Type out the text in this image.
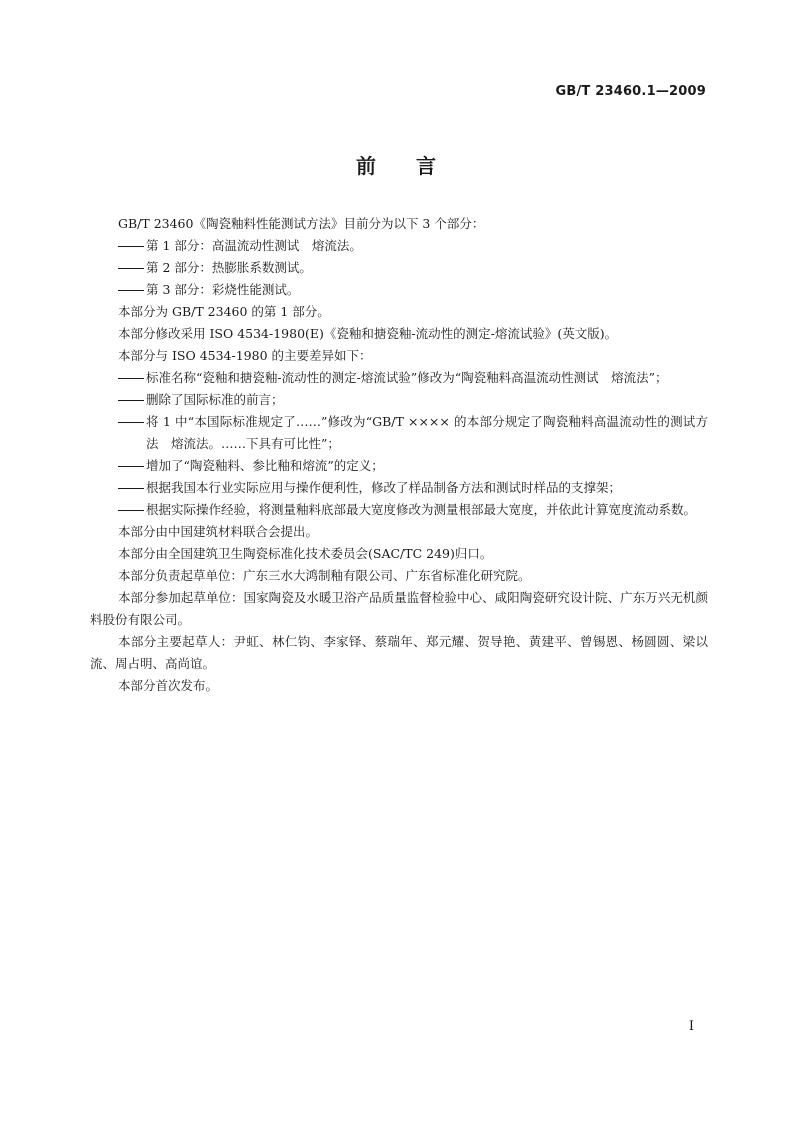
GB/T 23460.1—2009
前 言

GB/T 23460《陶瓷釉料性能测试方法》目前分为以下 3 个部分：

第 1 部分：高温流动性测试　熔流法。

第 2 部分：热膨胀系数测试。

第 3 部分：彩烧性能测试。

本部分为 GB/T 23460 的第 1 部分。

本部分修改采用 ISO 4534-1980(E)《瓷釉和搪瓷釉-流动性的测定-熔流试验》(英文版)。

本部分与 ISO 4534-1980 的主要差异如下：

标准名称“瓷釉和搪瓷釉-流动性的测定-熔流试验”修改为“陶瓷釉料高温流动性测试　熔流法”；

删除了国际标准的前言；

将 1 中“本国际标准规定了……”修改为“GB/T ×××× 的本部分规定了陶瓷釉料高温流动性的测试方法　熔流法。……下具有可比性”；

增加了“陶瓷釉料、参比釉和熔流”的定义；

根据我国本行业实际应用与操作便利性，修改了样品制备方法和测试时样品的支撑架；

根据实际操作经验，将测量釉料底部最大宽度修改为测量根部最大宽度，并依此计算宽度流动系数。

本部分由中国建筑材料联合会提出。

本部分由全国建筑卫生陶瓷标准化技术委员会(SAC/TC 249)归口。

本部分负责起草单位：广东三水大鸿制釉有限公司、广东省标准化研究院。

本部分参加起草单位：国家陶瓷及水暖卫浴产品质量监督检验中心、咸阳陶瓷研究设计院、广东万兴无机颜料股份有限公司。

本部分主要起草人：尹虹、林仁钧、李家铎、蔡瑞年、郑元耀、贺导艳、黄建平、曾锡恩、杨圆圆、梁以流、周占明、高尚谊。

本部分首次发布。

I
